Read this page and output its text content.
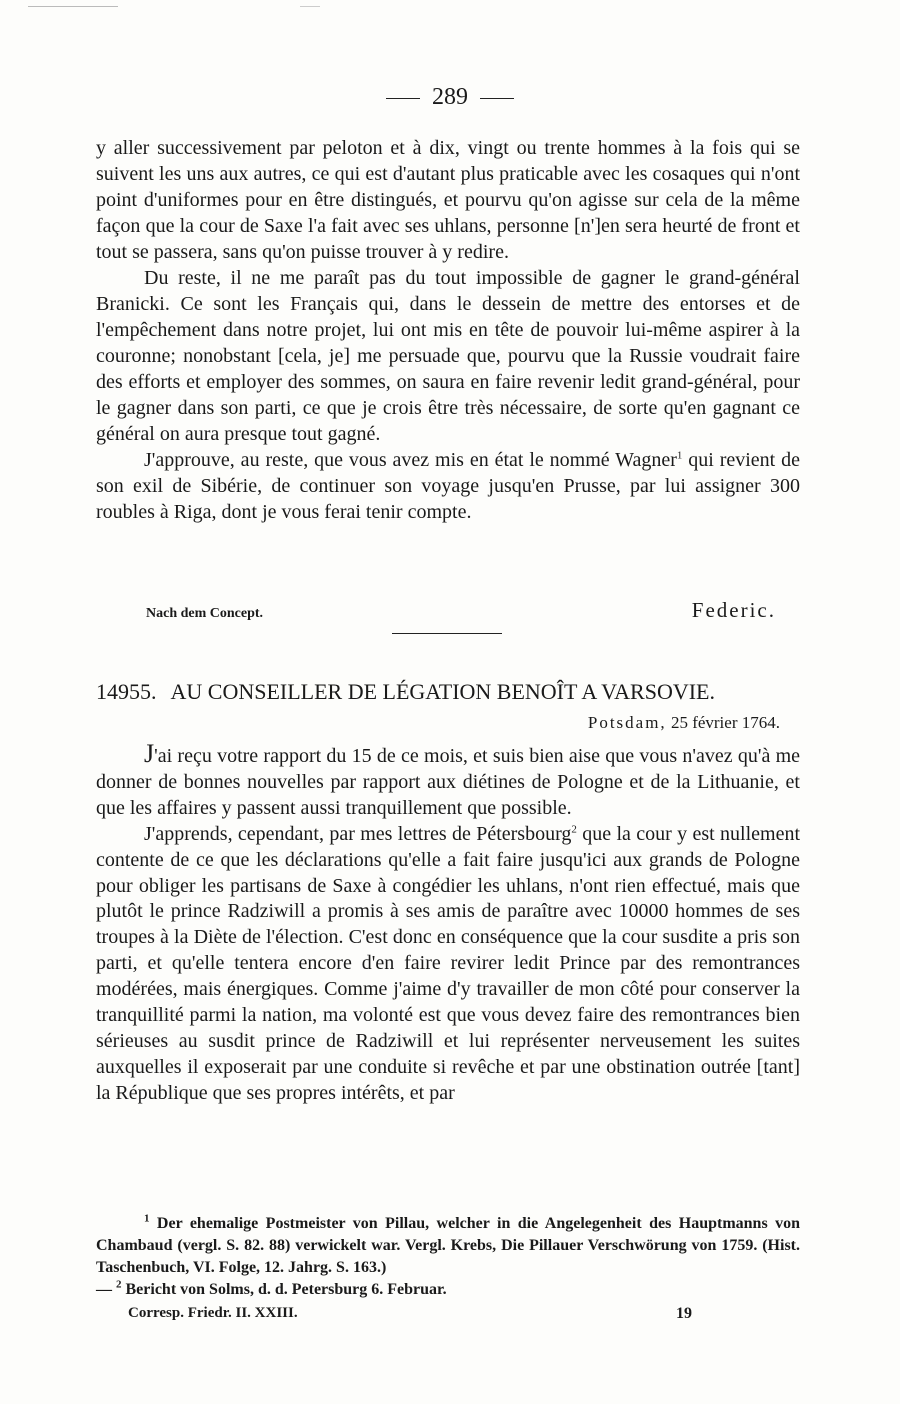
289

y aller successivement par peloton et à dix, vingt ou trente hommes à la fois qui se suivent les uns aux autres, ce qui est d'autant plus praticable avec les cosaques qui n'ont point d'uniformes pour en être distingués, et pourvu qu'on agisse sur cela de la même façon que la cour de Saxe l'a fait avec ses uhlans, personne [n']en sera heurté de front et tout se passera, sans qu'on puisse trouver à y redire.

Du reste, il ne me paraît pas du tout impossible de gagner le grand-général Branicki. Ce sont les Français qui, dans le dessein de mettre des entorses et de l'empêchement dans notre projet, lui ont mis en tête de pouvoir lui-même aspirer à la couronne; nonobstant [cela, je] me persuade que, pourvu que la Russie voudrait faire des efforts et employer des sommes, on saura en faire revenir ledit grand-général, pour le gagner dans son parti, ce que je crois être très nécessaire, de sorte qu'en gagnant ce général on aura presque tout gagné.

J'approuve, au reste, que vous avez mis en état le nommé Wagner$^1$ qui revient de son exil de Sibérie, de continuer son voyage jusqu'en Prusse, par lui assigner 300 roubles à Riga, dont je vous ferai tenir compte.

Nach dem Concept.	Federic.
14955. AU CONSEILLER DE LÉGATION BENOÎT A VARSOVIE.
Potsdam, 25 février 1764.

J'ai reçu votre rapport du 15 de ce mois, et suis bien aise que vous n'avez qu'à me donner de bonnes nouvelles par rapport aux diétines de Pologne et de la Lithuanie, et que les affaires y passent aussi tranquillement que possible.

J'apprends, cependant, par mes lettres de Pétersbourg$^2$ que la cour y est nullement contente de ce que les déclarations qu'elle a fait faire jusqu'ici aux grands de Pologne pour obliger les partisans de Saxe à congédier les uhlans, n'ont rien effectué, mais que plutôt le prince Radziwill a promis à ses amis de paraître avec 10000 hommes de ses troupes à la Diète de l'élection. C'est donc en conséquence que la cour susdite a pris son parti, et qu'elle tentera encore d'en faire revirer ledit Prince par des remontrances modérées, mais énergiques. Comme j'aime d'y travailler de mon côté pour conserver la tranquillité parmi la nation, ma volonté est que vous devez faire des remontrances bien sérieuses au susdit prince de Radziwill et lui représenter nerveusement les suites auxquelles il exposerait par une conduite si revêche et par une obstination outrée [tant] la République que ses propres intérêts, et par

$^1$ Der ehemalige Postmeister von Pillau, welcher in die Angelegenheit des Hauptmanns von Chambaud (vergl. S. 82. 88) verwickelt war. Vergl. Krebs, Die Pillauer Verschwörung von 1759. (Hist. Taschenbuch, VI. Folge, 12. Jahrg. S. 163.)

— $^2$ Bericht von Solms, d. d. Petersburg 6. Februar.

Corresp. Friedr. II. XXIII.	19
